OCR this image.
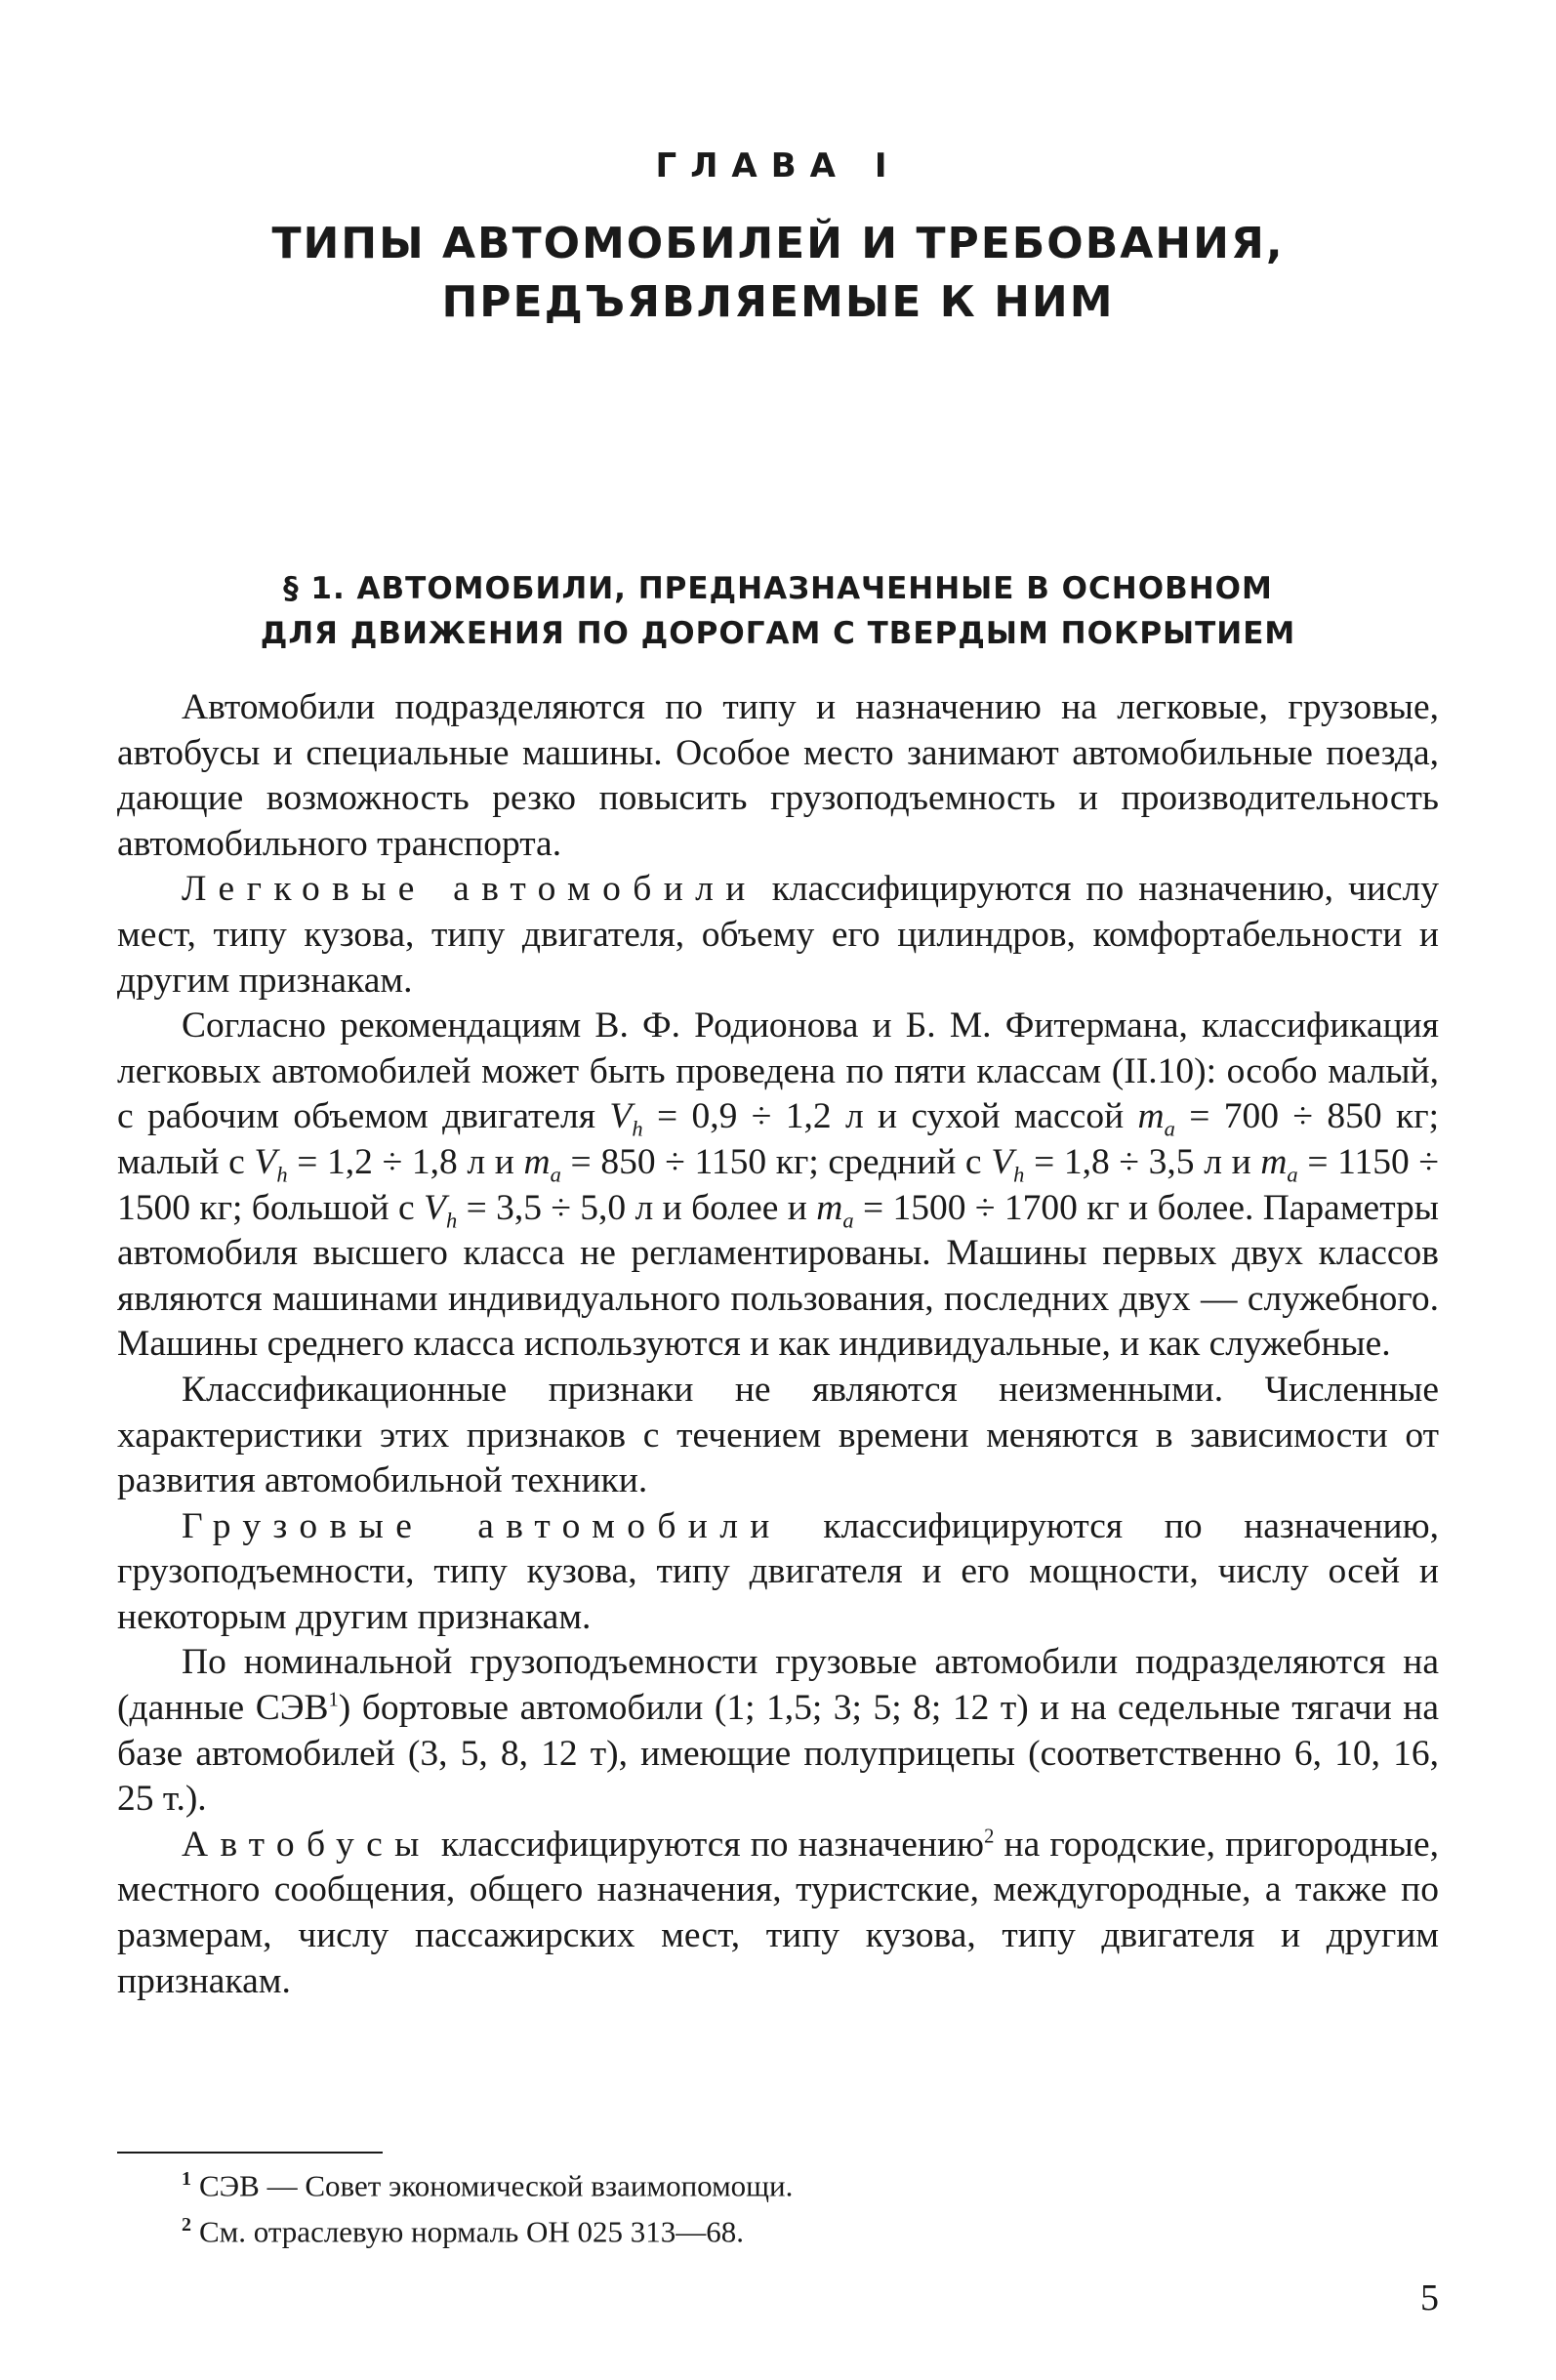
ГЛАВА I
ТИПЫ АВТОМОБИЛЕЙ И ТРЕБОВАНИЯ,
ПРЕДЪЯВЛЯЕМЫЕ К НИМ
§ 1. АВТОМОБИЛИ, ПРЕДНАЗНАЧЕННЫЕ В ОСНОВНОМ
ДЛЯ ДВИЖЕНИЯ ПО ДОРОГАМ С ТВЕРДЫМ ПОКРЫТИЕМ

Автомобили подразделяются по типу и назначению на легковые, грузовые, автобусы и специальные машины. Особое место занимают автомобильные поезда, дающие возможность резко повысить грузоподъемность и производительность автомобильного транспорта.

Легковые автомобили классифицируются по назначению, числу мест, типу кузова, типу двигателя, объему его цилиндров, комфортабельности и другим признакам.

Согласно рекомендациям В. Ф. Родионова и Б. М. Фитермана, классификация легковых автомобилей может быть проведена по пяти классам (II.10): особо малый, с рабочим объемом двигателя $V_h = 0,9 \div 1,2$ л и сухой массой $m_a = 700 \div 850$ кг; малый с $V_h = 1,2 \div 1,8$ л и $m_a = 850 \div 1150$ кг; средний с $V_h = 1,8 \div 3,5$ л и $m_a = 1150 \div 1500$ кг; большой с $V_h = 3,5 \div 5,0$ л и более и $m_a = 1500 \div 1700$ кг и более. Параметры автомобиля высшего класса не регламентированы. Машины первых двух классов являются машинами индивидуального пользования, последних двух — служебного. Машины среднего класса используются и как индивидуальные, и как служебные.

Классификационные признаки не являются неизменными. Численные характеристики этих признаков с течением времени меняются в зависимости от развития автомобильной техники.

Грузовые автомобили классифицируются по назначению, грузоподъемности, типу кузова, типу двигателя и его мощности, числу осей и некоторым другим признакам.

По номинальной грузоподъемности грузовые автомобили подразделяются на (данные СЭВ$^1$) бортовые автомобили (1; 1,5; 3; 5; 8; 12 т) и на седельные тягачи на базе автомобилей (3, 5, 8, 12 т), имеющие полуприцепы (соответственно 6, 10, 16, 25 т.).

Автобусы классифицируются по назначению$^2$ на городские, пригородные, местного сообщения, общего назначения, туристские, междугородные, а также по размерам, числу пассажирских мест, типу кузова, типу двигателя и другим признакам.

$^1$ СЭВ — Совет экономической взаимопомощи.
$^2$ См. отраслевую нормаль ОН 025 313—68.
5
